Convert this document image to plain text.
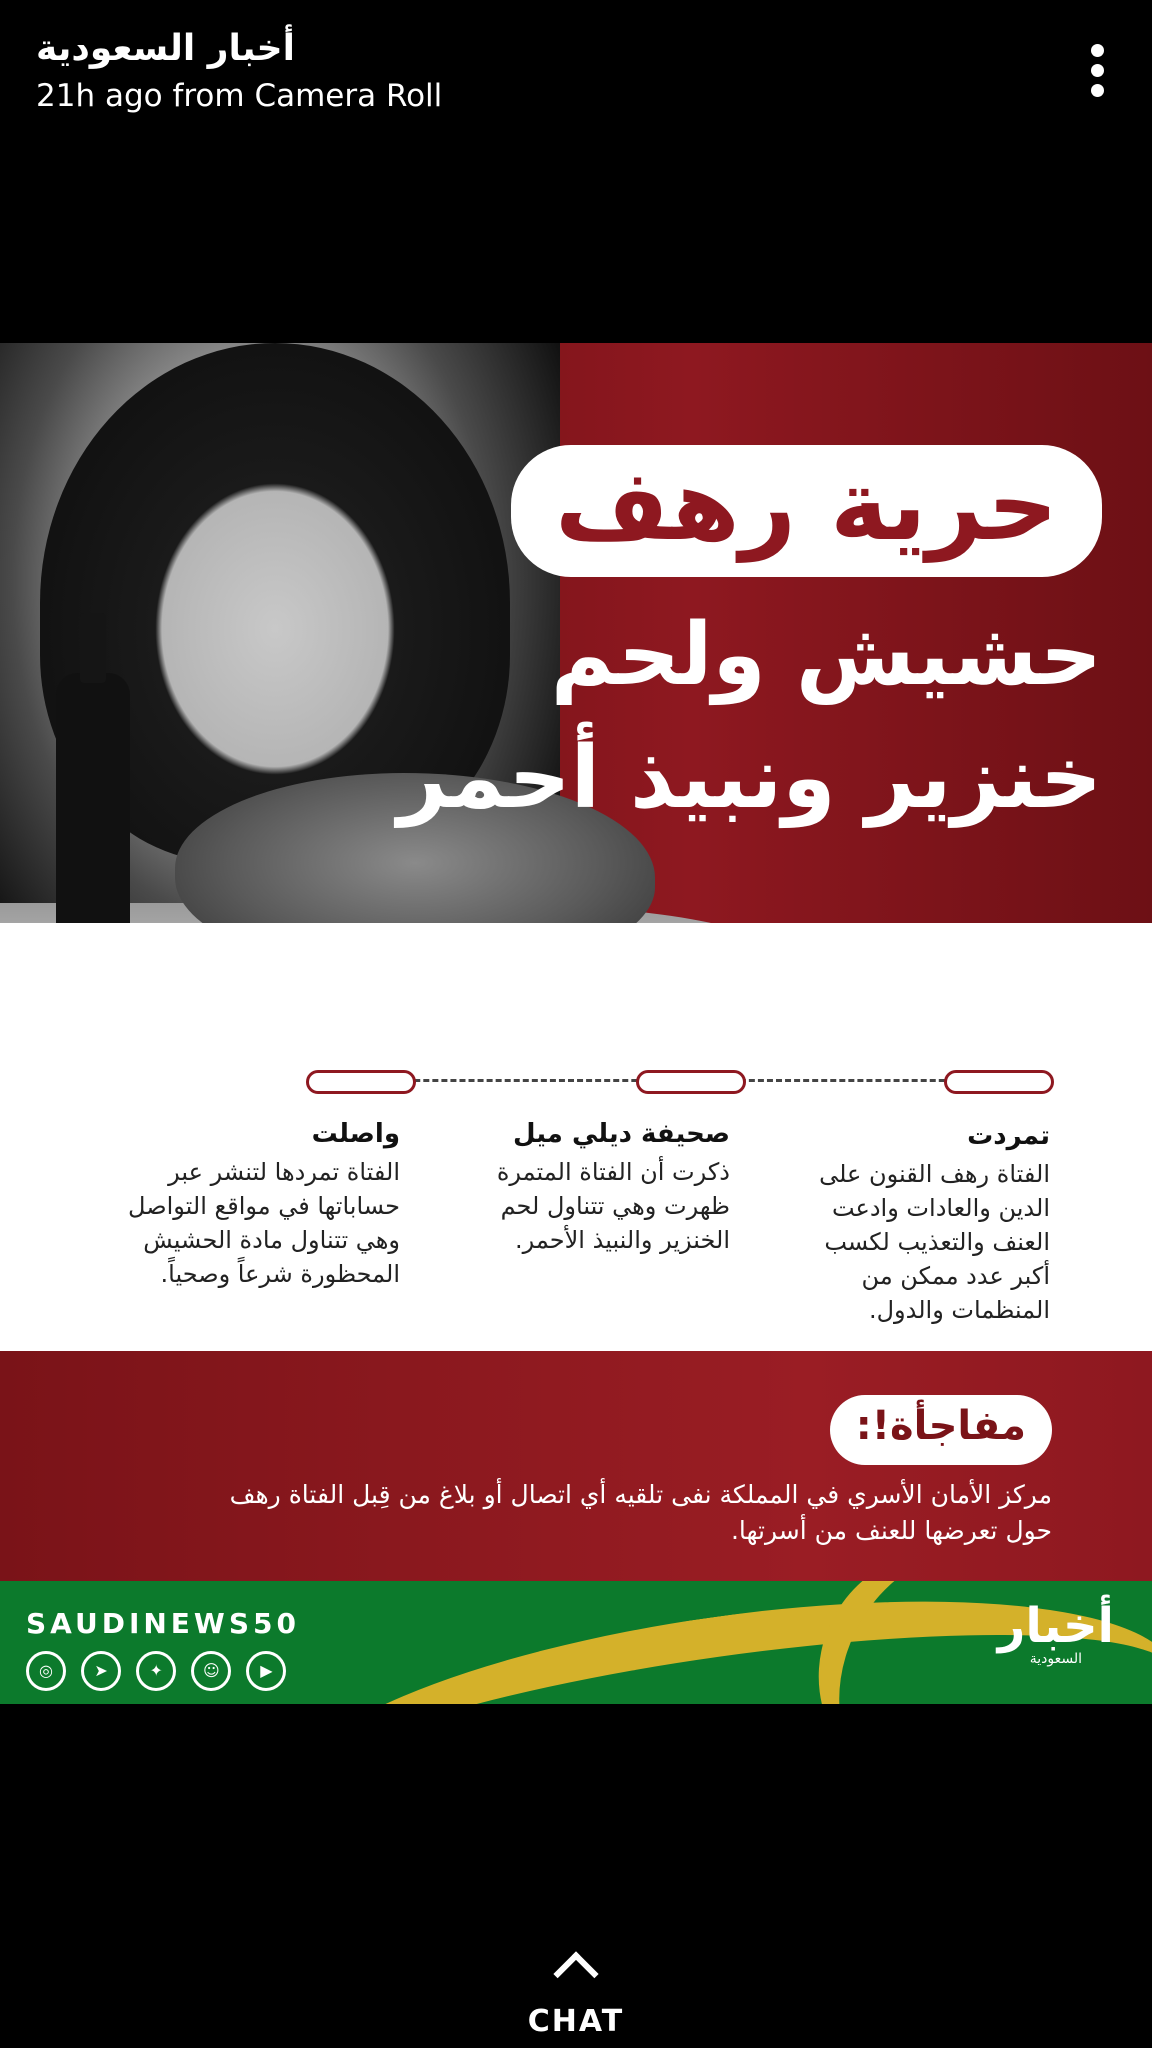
أخبار السعودية
21h ago from Camera Roll
حرية رهف
حشيش ولحم
خنزير ونبيذ أحمر
تمردت

الفتاة رهف القنون على الدين والعادات وادعت العنف والتعذيب لكسب أكبر عدد ممكن من المنظمات والدول.

صحيفة ديلي ميل

ذكرت أن الفتاة المتمرة ظهرت وهي تتناول لحم الخنزير والنبيذ الأحمر.

واصلت

الفتاة تمردها لتنشر عبر حساباتها في مواقع التواصل وهي تتناول مادة الحشيش المحظورة شرعاً وصحياً.

مفاجأة!:
مركز الأمان الأسري في المملكة نفى تلقيه أي اتصال أو بلاغ من قِبل الفتاة رهف حول تعرضها للعنف من أسرتها.
SAUDINEWS50
◎	➤	✦	☺	▶
أخبار
السعودية
CHAT
